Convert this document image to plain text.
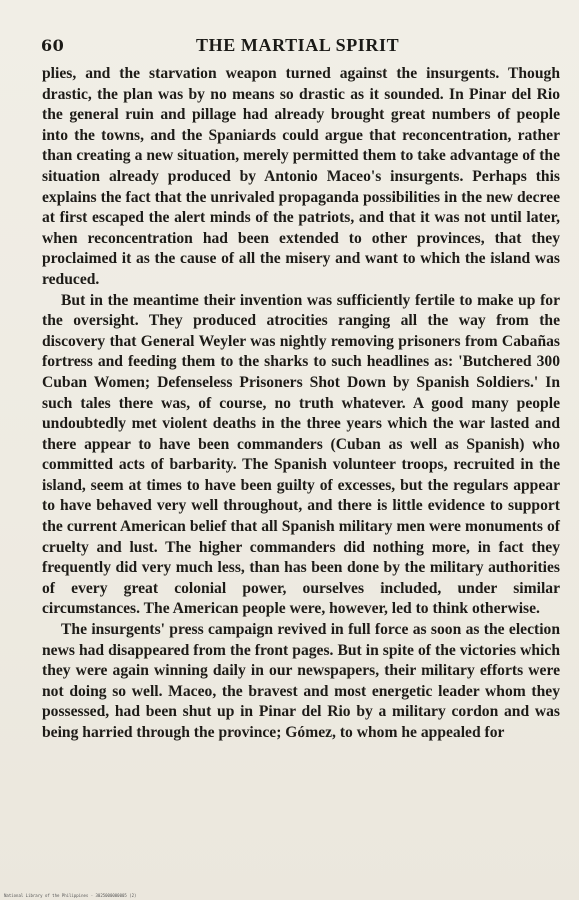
60	THE MARTIAL SPIRIT

plies, and the starvation weapon turned against the insurgents. Though drastic, the plan was by no means so drastic as it sounded. In Pinar del Rio the general ruin and pillage had already brought great numbers of people into the towns, and the Spaniards could argue that reconcentration, rather than creating a new situation, merely permitted them to take advantage of the situation already produced by Antonio Maceo's insurgents. Perhaps this explains the fact that the unrivaled propaganda possibilities in the new decree at first escaped the alert minds of the patriots, and that it was not until later, when reconcentration had been extended to other provinces, that they proclaimed it as the cause of all the misery and want to which the island was reduced.

But in the meantime their invention was sufficiently fertile to make up for the oversight. They produced atrocities ranging all the way from the discovery that General Weyler was nightly removing prisoners from Cabañas fortress and feeding them to the sharks to such headlines as: 'Butchered 300 Cuban Women; Defenseless Prisoners Shot Down by Spanish Soldiers.' In such tales there was, of course, no truth whatever. A good many people undoubtedly met violent deaths in the three years which the war lasted and there appear to have been commanders (Cuban as well as Spanish) who committed acts of barbarity. The Spanish volunteer troops, recruited in the island, seem at times to have been guilty of excesses, but the regulars appear to have behaved very well throughout, and there is little evidence to support the current American belief that all Spanish military men were monuments of cruelty and lust. The higher commanders did nothing more, in fact they frequently did very much less, than has been done by the military authorities of every great colonial power, ourselves included, under similar circumstances. The American people were, however, led to think otherwise.

The insurgents' press campaign revived in full force as soon as the election news had disappeared from the front pages. But in spite of the victories which they were again winning daily in our newspapers, their military efforts were not doing so well. Maceo, the bravest and most energetic leader whom they possessed, had been shut up in Pinar del Rio by a military cordon and was being harried through the province; Gómez, to whom he appealed for

National Library of the Philippines · 3025000000005 (2)
